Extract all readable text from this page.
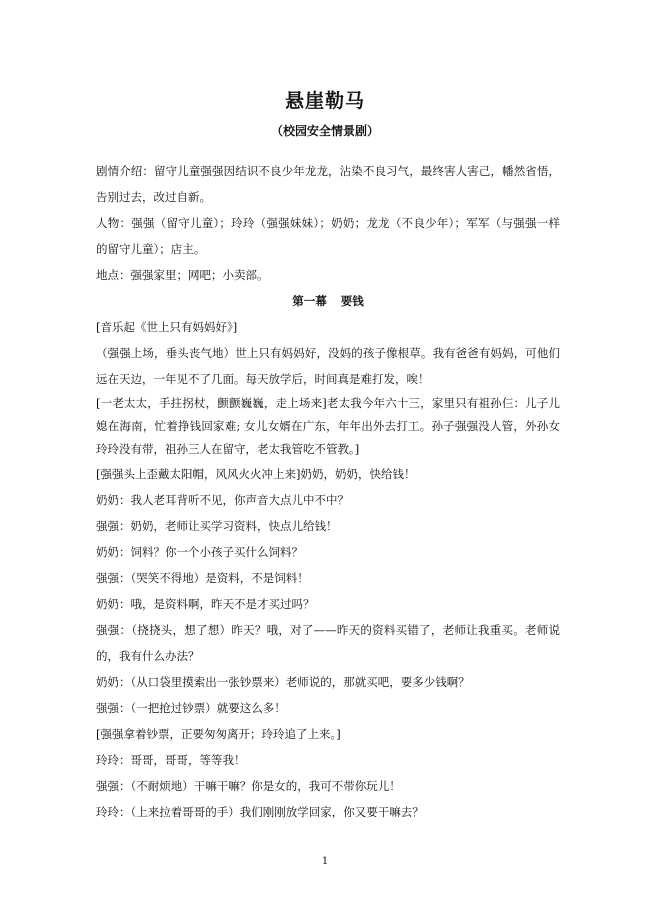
悬崖勒马
（校园安全情景剧）

剧情介绍：留守儿童强强因结识不良少年龙龙，沾染不良习气，最终害人害己，幡然省悟，告别过去，改过自新。

人物：强强（留守儿童）；玲玲（强强妹妹）；奶奶；龙龙（不良少年）；军军（与强强一样的留守儿童）；店主。

地点：强强家里；网吧；小卖部。

第一幕 要钱

[音乐起《世上只有妈妈好》]

（强强上场，垂头丧气地）世上只有妈妈好，没妈的孩子像根草。我有爸爸有妈妈，可他们远在天边，一年见不了几面。每天放学后，时间真是难打发，唉！

[一老太太，手拄拐杖，颤颤巍巍，走上场来]老太我今年六十三，家里只有祖孙仨：儿子儿媳在海南，忙着挣钱回家难; 女儿女婿在广东，年年出外去打工。孙子强强没人管，外孙女玲玲没有带，祖孙三人在留守，老太我管吃不管教。]

[强强头上歪戴太阳帽，风风火火冲上来]奶奶，奶奶，快给钱！

奶奶：我人老耳背听不见，你声音大点儿中不中？

强强：奶奶，老师让买学习资料，快点儿给钱！

奶奶：饲料？你一个小孩子买什么饲料？

强强：（哭笑不得地）是资料，不是饲料！

奶奶：哦，是资料啊，昨天不是才买过吗？

强强：（挠挠头，想了想）昨天？哦，对了——昨天的资料买错了，老师让我重买。老师说的，我有什么办法？

奶奶：（从口袋里摸索出一张钞票来）老师说的，那就买吧，要多少钱啊？

强强：（一把抢过钞票）就要这么多！

[强强拿着钞票，正要匆匆离开；玲玲追了上来。]

玲玲：哥哥，哥哥，等等我！

强强：（不耐烦地）干嘛干嘛？你是女的，我可不带你玩儿！

玲玲：（上来拉着哥哥的手）我们刚刚放学回家，你又要干嘛去？

1
